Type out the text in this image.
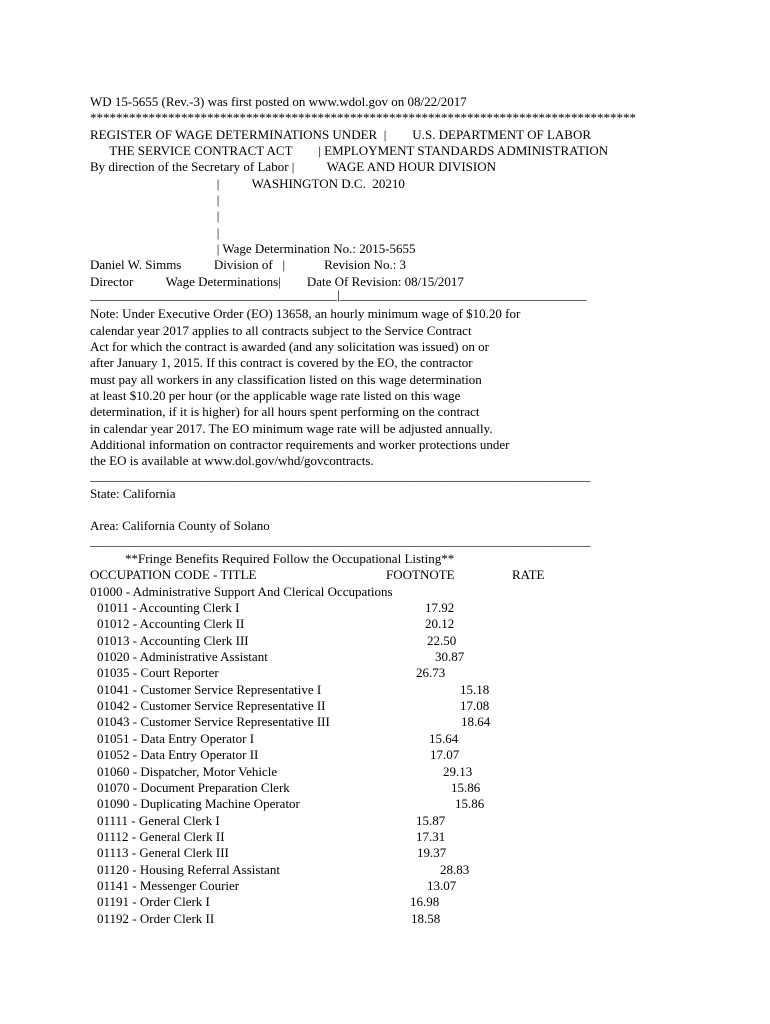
WD 15-5655 (Rev.-3) was first posted on www.wdol.gov on 08/22/2017
************************************************************************************
REGISTER OF WAGE DETERMINATIONS UNDER  |        U.S. DEPARTMENT OF LABOR
THE SERVICE CONTRACT ACT        | EMPLOYMENT STANDARDS ADMINISTRATION
By direction of the Secretary of Labor |          WAGE AND HOUR DIVISION
|          WASHINGTON D.C.  20210
|
|
|
| Wage Determination No.: 2015-5655
Daniel W. Simms          Division of   |            Revision No.: 3
Director          Wage Determinations|        Date Of Revision: 08/15/2017
______________________________________|______________________________________
Note: Under Executive Order (EO) 13658, an hourly minimum wage of $10.20 for
calendar year 2017 applies to all contracts subject to the Service Contract
Act for which the contract is awarded (and any solicitation was issued) on or
after January 1, 2015. If this contract is covered by the EO, the contractor
must pay all workers in any classification listed on this wage determination
at least $10.20 per hour (or the applicable wage rate listed on this wage
determination, if it is higher) for all hours spent performing on the contract
in calendar year 2017. The EO minimum wage rate will be adjusted annually.
Additional information on contractor requirements and worker protections under
the EO is available at www.dol.gov/whd/govcontracts.
_____________________________________________________________________________
State: California
Area: California County of Solano
_____________________________________________________________________________
**Fringe Benefits Required Follow the Occupational Listing**
OCCUPATION CODE - TITLE	FOOTNOTE	RATE
01000 - Administrative Support And Clerical Occupations
01011 - Accounting Clerk I	17.92
01012 - Accounting Clerk II	20.12
01013 - Accounting Clerk III	22.50
01020 - Administrative Assistant	30.87
01035 - Court Reporter	26.73
01041 - Customer Service Representative I	15.18
01042 - Customer Service Representative II	17.08
01043 - Customer Service Representative III	18.64
01051 - Data Entry Operator I	15.64
01052 - Data Entry Operator II	17.07
01060 - Dispatcher, Motor Vehicle	29.13
01070 - Document Preparation Clerk	15.86
01090 - Duplicating Machine Operator	15.86
01111 - General Clerk I	15.87
01112 - General Clerk II	17.31
01113 - General Clerk III	19.37
01120 - Housing Referral Assistant	28.83
01141 - Messenger Courier	13.07
01191 - Order Clerk I	16.98
01192 - Order Clerk II	18.58
